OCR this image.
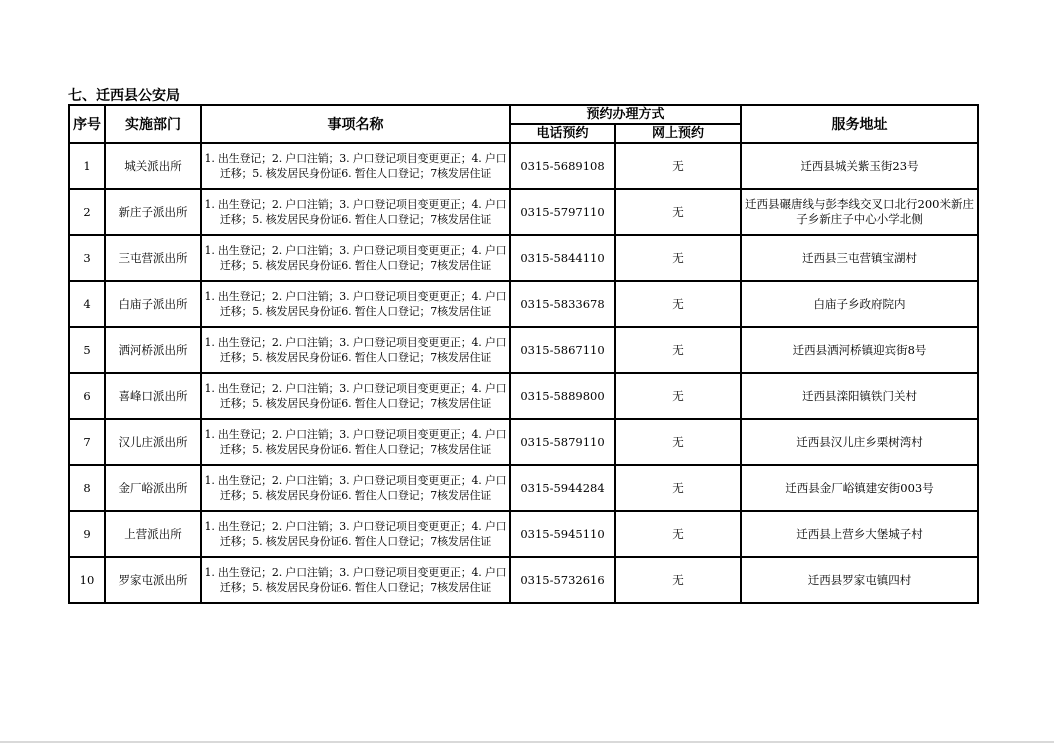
七、迁西县公安局
序号	实施部门	事项名称	预约办理方式		服务地址
			电话预约	网上预约	
1	城关派出所	1. 出生登记；2. 户口注销；3. 户口登记项目变更更正；4. 户口迁移；5. 核发居民身份证6. 暂住人口登记；7核发居住证	0315-5689108	无	迁西县城关紫玉街23号
2	新庄子派出所	1. 出生登记；2. 户口注销；3. 户口登记项目变更更正；4. 户口迁移；5. 核发居民身份证6. 暂住人口登记；7核发居住证	0315-5797110	无	迁西县碾唐线与彭李线交叉口北行200米新庄子乡新庄子中心小学北侧
3	三屯营派出所	1. 出生登记；2. 户口注销；3. 户口登记项目变更更正；4. 户口迁移；5. 核发居民身份证6. 暂住人口登记；7核发居住证	0315-5844110	无	迁西县三屯营镇宝湖村
4	白庙子派出所	1. 出生登记；2. 户口注销；3. 户口登记项目变更更正；4. 户口迁移；5. 核发居民身份证6. 暂住人口登记；7核发居住证	0315-5833678	无	白庙子乡政府院内
5	洒河桥派出所	1. 出生登记；2. 户口注销；3. 户口登记项目变更更正；4. 户口迁移；5. 核发居民身份证6. 暂住人口登记；7核发居住证	0315-5867110	无	迁西县洒河桥镇迎宾街8号
6	喜峰口派出所	1. 出生登记；2. 户口注销；3. 户口登记项目变更更正；4. 户口迁移；5. 核发居民身份证6. 暂住人口登记；7核发居住证	0315-5889800	无	迁西县滦阳镇铁门关村
7	汉儿庄派出所	1. 出生登记；2. 户口注销；3. 户口登记项目变更更正；4. 户口迁移；5. 核发居民身份证6. 暂住人口登记；7核发居住证	0315-5879110	无	迁西县汉儿庄乡栗树湾村
8	金厂峪派出所	1. 出生登记；2. 户口注销；3. 户口登记项目变更更正；4. 户口迁移；5. 核发居民身份证6. 暂住人口登记；7核发居住证	0315-5944284	无	迁西县金厂峪镇建安街003号
9	上营派出所	1. 出生登记；2. 户口注销；3. 户口登记项目变更更正；4. 户口迁移；5. 核发居民身份证6. 暂住人口登记；7核发居住证	0315-5945110	无	迁西县上营乡大堡城子村
10	罗家屯派出所	1. 出生登记；2. 户口注销；3. 户口登记项目变更更正；4. 户口迁移；5. 核发居民身份证6. 暂住人口登记；7核发居住证	0315-5732616	无	迁西县罗家屯镇四村
